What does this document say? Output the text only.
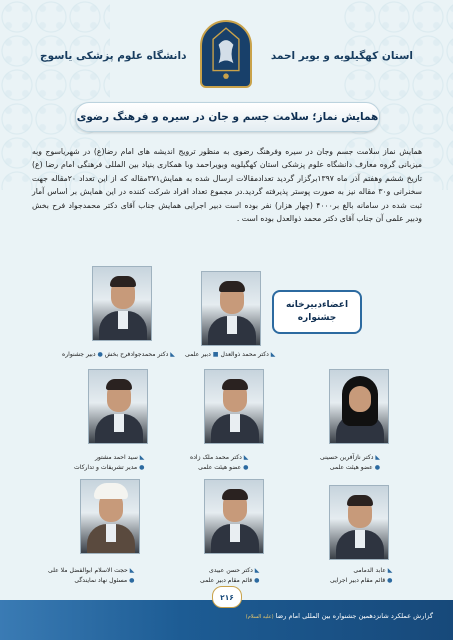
استان کهگیلویه و بویر احمد
دانشگاه علوم پزشکی یاسوج
همایش نماز؛ سلامت جسم و جان در سیره و فرهنگ رضوی
همایش نماز سلامت جسم وجان در سیره وفرهنگ رضوی به منظور ترویج اندیشه های امام رضا(ع) در شهریاسوج وبه میزبانی گروه معارف دانشگاه علوم پزشکی استان کهگیلویه وبویراحمد وبا همکاری بنیاد بین المللی فرهنگی امام رضا (ع) تاریخ ششم وهفتم آذر ماه ۱۳۹۷برگزار گردید تعدادمقالات ارسال شده به همایش۳۷۱مقاله که از این تعداد ۲۰مقاله جهت سخنرانی و۳۰ مقاله نیز به صورت پوستر پذیرفته گردید.در مجموع تعداد افراد شرکت کننده در این همایش بر اساس آمار ثبت شده در سامانه بالغ بر۴۰۰۰ (چهار هزار) نفر بوده است دبیر اجرایی همایش جناب آقای دکتر محمدجواد فرح بخش ودبیر علمی آن جناب آقای دکتر محمد ذوالعدل بوده است .
اعضاءدبیرخانه
جشنواره
◣ دکتر محمد ذوالعدل ■ دبیر علمی
◣ دکتر محمدجوادفرح بخش ● دبیر جشنواره
◣ دکتر نازآفرین حسینی
● عضو هیئت علمی
◣ دکتر محمد ملک زاده
● عضو هیئت علمی
◣ سید احمد مشتور
● مدیر تشریفات و تدارکات
◣ عابد الدمامی
● قائم مقام دبیر اجرایی
◣ دکتر حسن عبیدی
● قائم مقام دبیر علمی
◣ حجت الاسلام ابوالفضل ملا علی
● مسئول نهاد نمایندگی
۲۱۶
گزارش عملکرد شانزدهمین جشنواره بین المللی امام رضا (علیه السلام)
